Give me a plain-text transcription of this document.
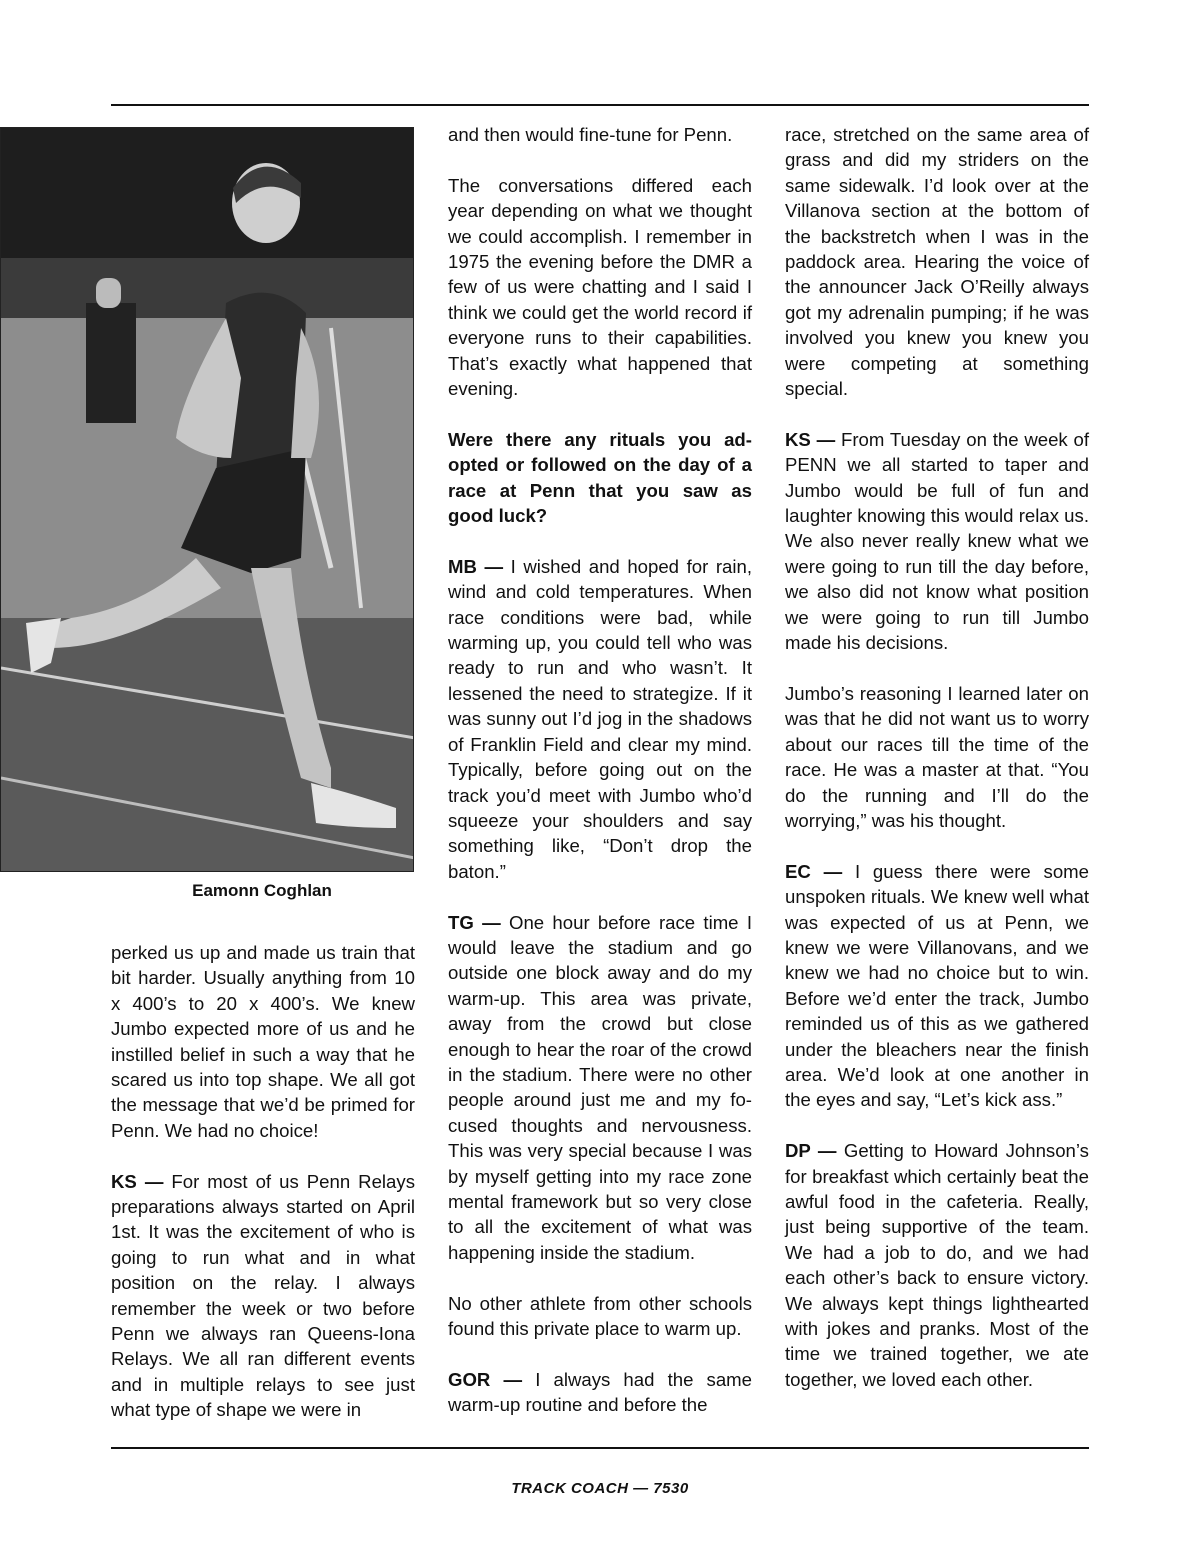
Eamonn Coghlan

perked us up and made us train that bit harder. Usually anything from 10 x 400’s to 20 x 400’s. We knew Jumbo expected more of us and he instilled belief in such a way that he scared us into top shape. We all got the message that we’d be primed for Penn. We had no choice!

KS — For most of us Penn Relays preparations always started on April 1st. It was the excitement of who is going to run what and in what position on the relay. I always remember the week or two before Penn we always ran Queens-Iona Relays. We all ran different events and in multiple relays to see just what type of shape we were in

and then would fine-tune for Penn.

The conversations differed each year depending on what we thought we could accomplish. I remember in 1975 the evening before the DMR a few of us were chatting and I said I think we could get the world record if everyone runs to their capabilities. That’s exactly what happened that evening.

Were there any rituals you adopted or followed on the day of a race at Penn that you saw as good luck?

MB — I wished and hoped for rain, wind and cold temperatures. When race conditions were bad, while warming up, you could tell who was ready to run and who wasn’t. It lessened the need to strategize. If it was sunny out I’d jog in the shadows of Franklin Field and clear my mind. Typically, before going out on the track you’d meet with Jumbo who’d squeeze your shoulders and say something like, “Don’t drop the baton.”

TG — One hour before race time I would leave the stadium and go outside one block away and do my warm-up. This area was private, away from the crowd but close enough to hear the roar of the crowd in the stadium. There were no other people around just me and my focused thoughts and nervousness. This was very special because I was by myself getting into my race zone mental framework but so very close to all the excitement of what was happening inside the stadium.

No other athlete from other schools found this private place to warm up.

GOR — I always had the same warm-up routine and before the

race, stretched on the same area of grass and did my striders on the same sidewalk. I’d look over at the Villanova section at the bottom of the backstretch when I was in the paddock area. Hearing the voice of the announcer Jack O’Reilly always got my adrenalin pumping; if he was involved you knew you knew you were competing at something special.

KS — From Tuesday on the week of PENN we all started to taper and Jumbo would be full of fun and laughter knowing this would relax us. We also never really knew what we were going to run till the day before, we also did not know what position we were going to run till Jumbo made his decisions.

Jumbo’s reasoning I learned later on was that he did not want us to worry about our races till the time of the race. He was a master at that. “You do the running and I’ll do the worrying,” was his thought.

EC — I guess there were some unspoken rituals. We knew well what was expected of us at Penn, we knew we were Villanovans, and we knew we had no choice but to win. Before we’d enter the track, Jumbo reminded us of this as we gathered under the bleachers near the finish area. We’d look at one another in the eyes and say, “Let’s kick ass.”

DP — Getting to Howard Johnson’s for breakfast which certainly beat the awful food in the cafeteria. Really, just being supportive of the team. We had a job to do, and we had each other’s back to ensure victory. We always kept things lighthearted with jokes and pranks. Most of the time we trained together, we ate together, we loved each other.

TRACK COACH — 7530
